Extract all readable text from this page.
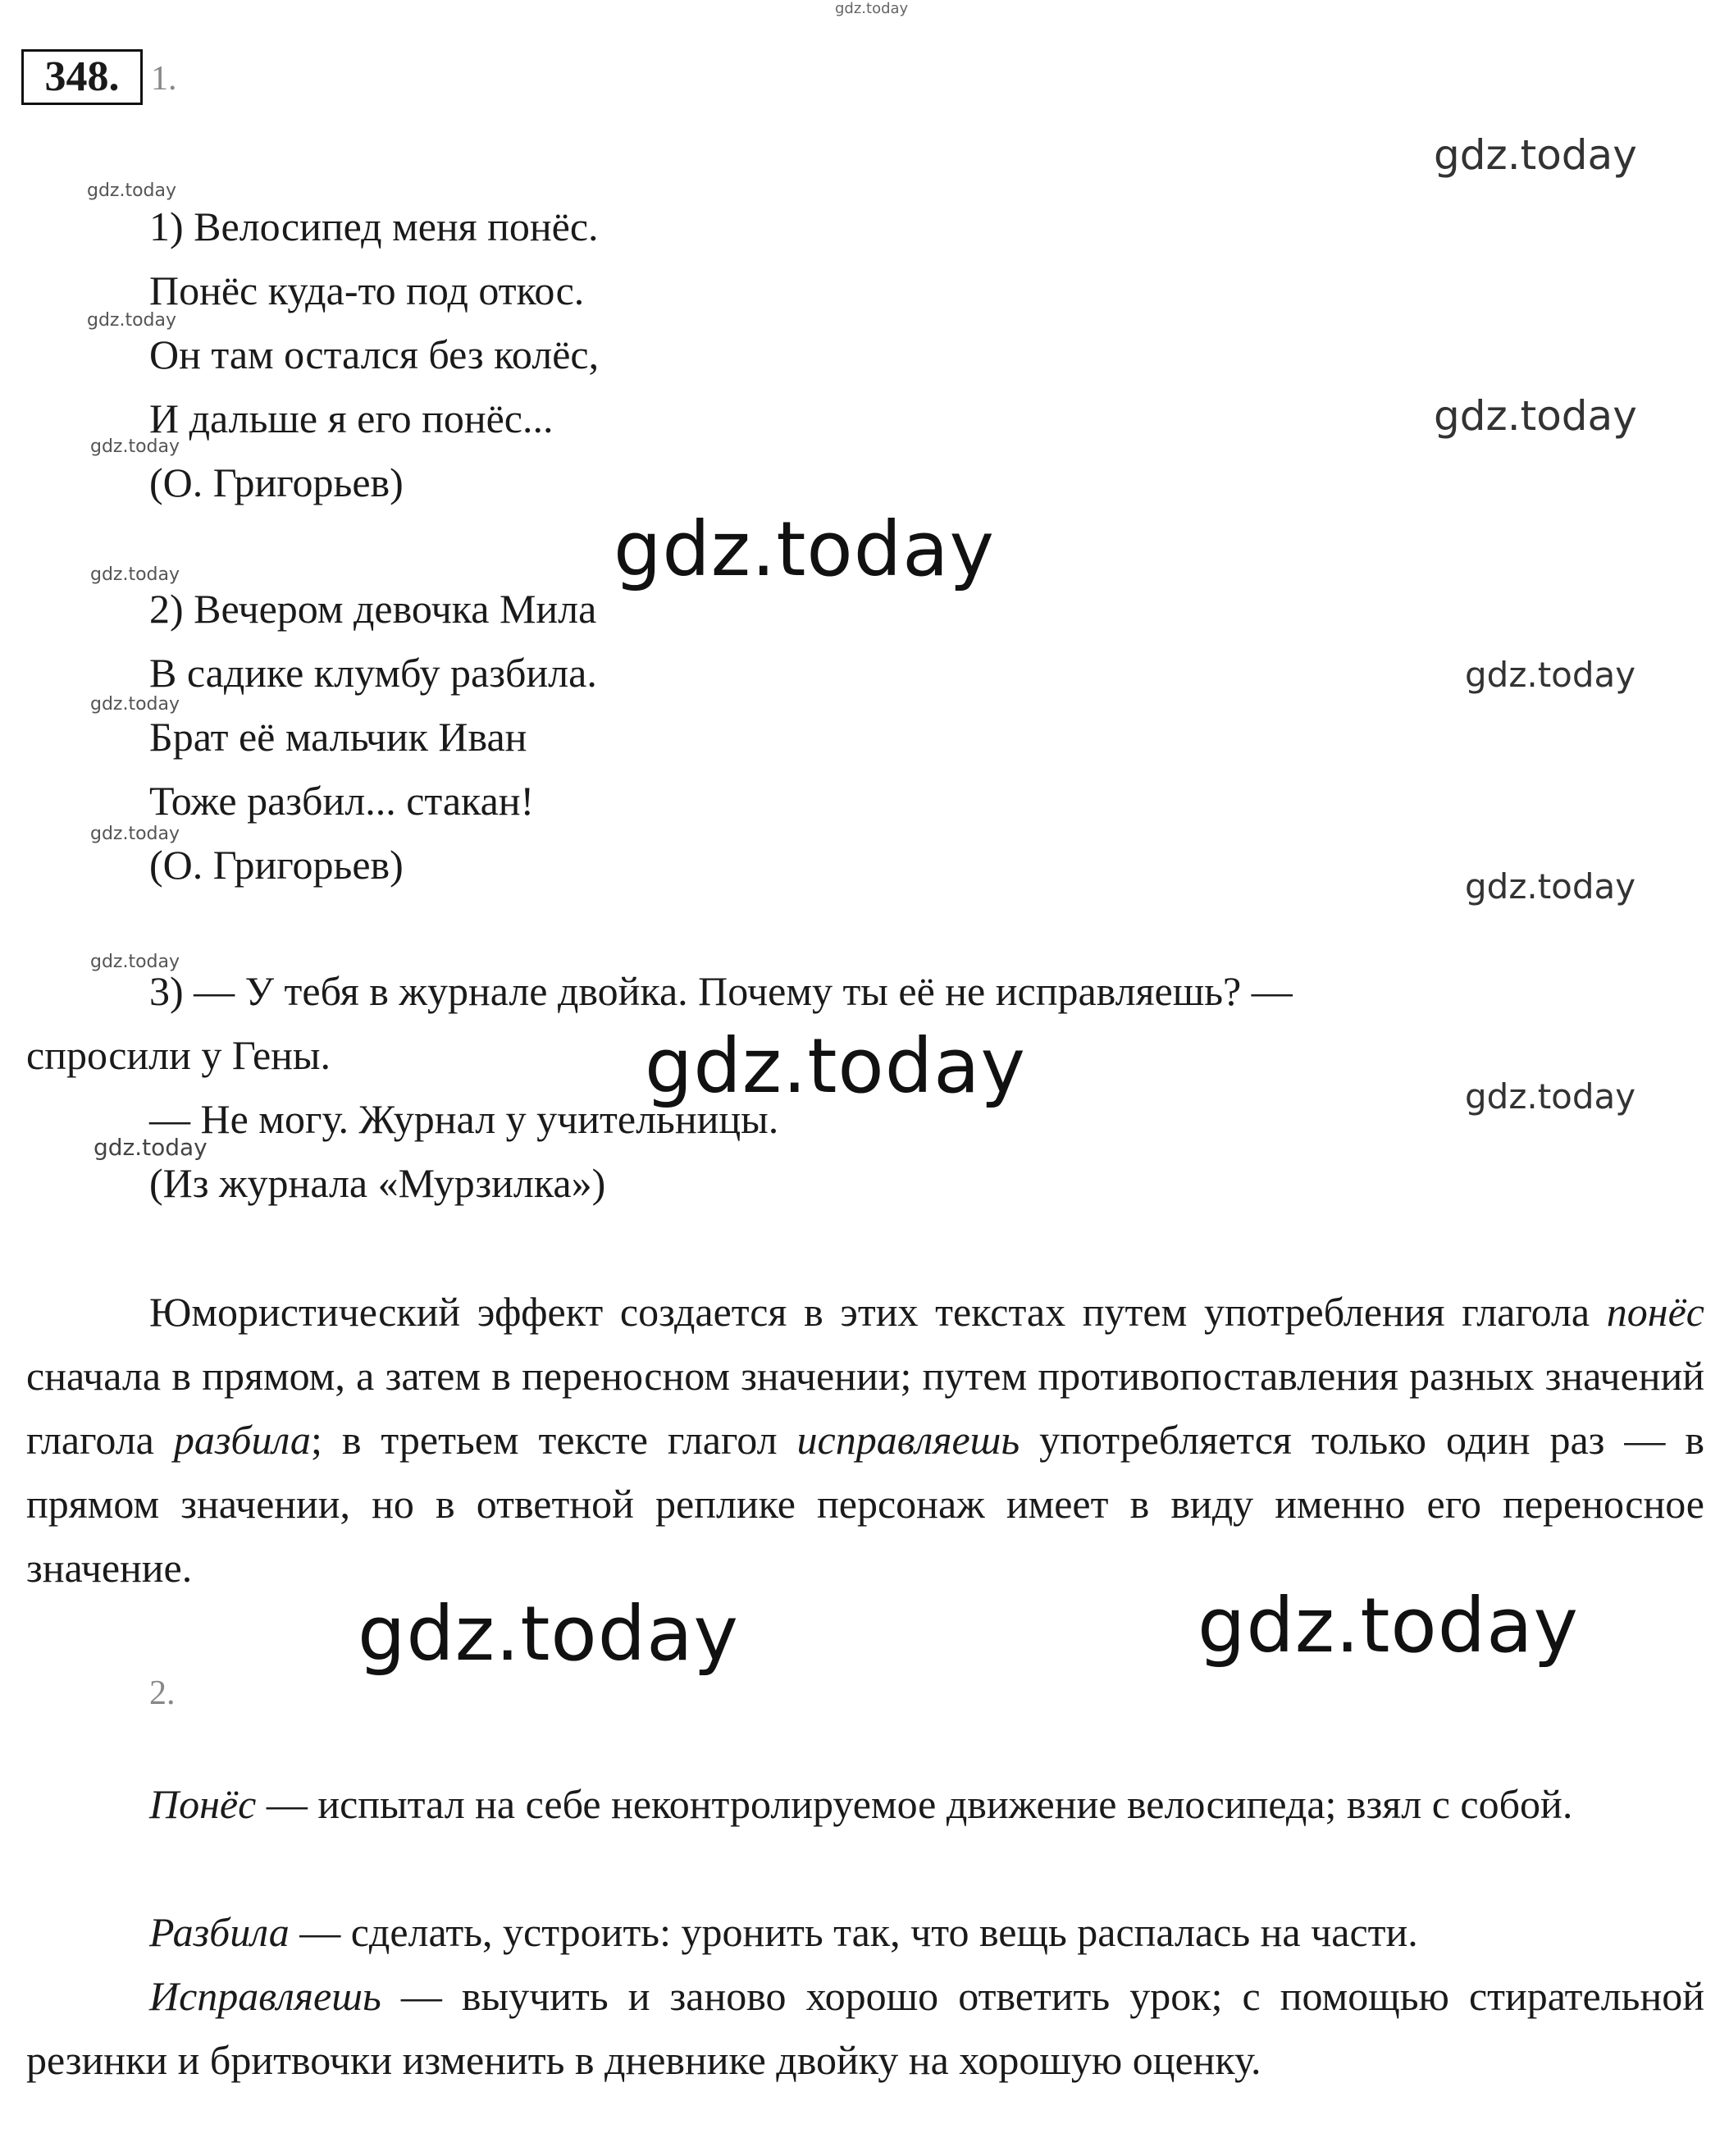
gdz.today
348. 1.
gdz.today
gdz.today
gdz.today
gdz.today
gdz.today
gdz.today
gdz.today
gdz.today
gdz.today
gdz.today
gdz.today
gdz.today
gdz.today
1) Велосипед меня понёс.
Понёс куда-то под откос.
Он там остался без колёс,
И дальше я его понёс...
(О. Григорьев)
gdz.today
2) Вечером девочка Мила
В садике клумбу разбила.
Брат её мальчик Иван
Тоже разбил... стакан!
(О. Григорьев)
3) — У тебя в журнале двойка. Почему ты её не исправляешь? —
спросили у Гены.	gdz.today
— Не могу. Журнал у учительницы.
(Из журнала «Мурзилка»)
Юмористический эффект создается в этих текстах путем употребления глагола понёс сначала в прямом, а затем в переносном значении; путем противопоставления разных значений глагола разбила; в третьем тексте глагол исправляешь употребляется только один раз — в прямом значении, но в ответной реплике персонаж имеет в виду именно его переносное значение.
gdz.today	gdz.today
2.
Понёс — испытал на себе неконтролируемое движение велосипеда; взял с собой.
Разбила — сделать, устроить: уронить так, что вещь распалась на части.
Исправляешь — выучить и заново хорошо ответить урок; с помощью стирательной резинки и бритвочки изменить в дневнике двойку на хорошую оценку.
